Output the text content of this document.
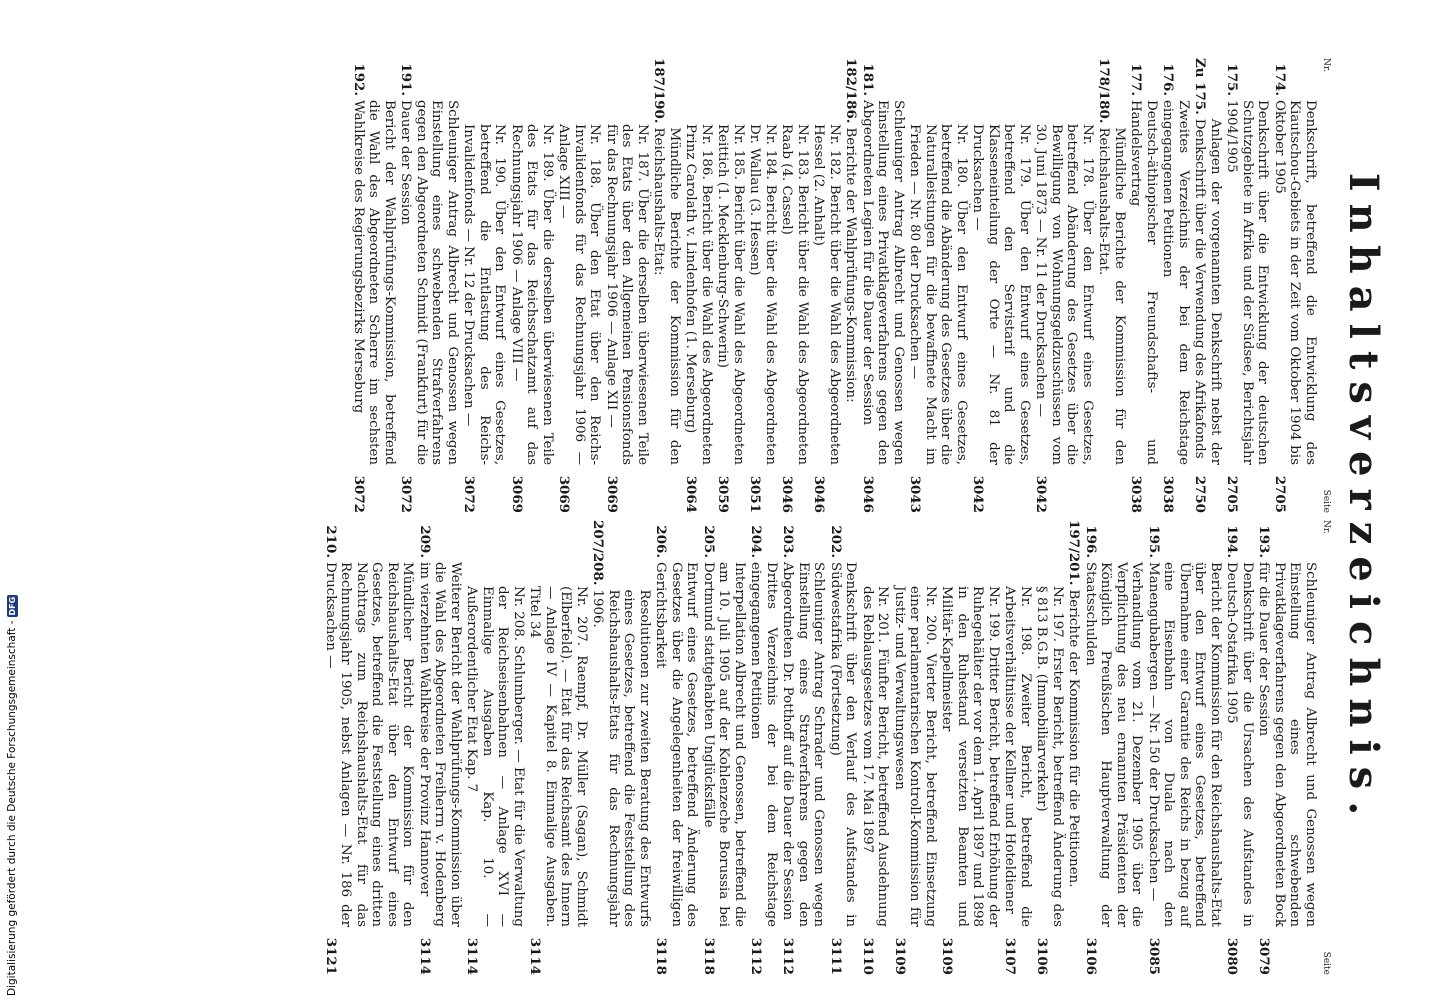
Inhaltsverzeichnis.
Nr.
Seite
174.
Denkschrift, betreffend die Entwicklung des Kiautschou-Gebiets in der Zeit vom Oktober 1904 bis Oktober 1905
2705
175.
Denkschrift über die Entwicklung der deutschen Schutzgebiete in Afrika und der Südsee, Berichtsjahr 1904/1905
2705
Zu 175.
Anlagen der vorgenannten Denkschrift nebst der Denkschrift über die Verwendung des Afrikafonds
2750
176.
Zweites Verzeichnis der bei dem Reichstage eingegangenen Petitionen
3038
177.
Deutsch-äthiopischer Freundschafts- und Handelsvertrag
3038
178/180.
Mündliche Berichte der Kommission für den Reichshaushalts-Etat.
Nr. 178. Über den Entwurf eines Gesetzes, betreffend Abänderung des Gesetzes über die Bewilligung von Wohnungsgeldzuschüssen vom 30. Juni 1873 — Nr. 11 der Drucksachen —
3042
Nr. 179. Über den Entwurf eines Gesetzes, betreffend den Servistarif und die Klasseneinteilung der Orte — Nr. 81 der Drucksachen —
3042
Nr. 180. Über den Entwurf eines Gesetzes, betreffend die Abänderung des Gesetzes über die Naturalleistungen für die bewaffnete Macht im Frieden — Nr. 80 der Drucksachen —
3043
181.
Schleuniger Antrag Albrecht und Genossen wegen Einstellung eines Privatklageverfahrens gegen den Abgeordneten Legien für die Dauer der Session
3046
182/186.
Berichte der Wahlprüfungs-Kommission:
Nr. 182. Bericht über die Wahl des Abgeordneten Hessel (2. Anhalt)
3046
Nr. 183. Bericht über die Wahl des Abgeordneten Raab (4. Cassel)
3046
Nr. 184. Bericht über die Wahl des Abgeordneten Dr. Wallau (3. Hessen)
3051
Nr. 185. Bericht über die Wahl des Abgeordneten Reittich (1. Mecklenburg-Schwerin)
3059
Nr. 186. Bericht über die Wahl des Abgeordneten Prinz Carolath v. Lindenhofen (1. Merseburg)
3064
187/190.
Mündliche Berichte der Kommission für den Reichshaushalts-Etat:
Nr. 187. Über die derselben überwiesenen Teile des Etats über den Allgemeinen Pensionsfonds für das Rechnungsjahr 1906 — Anlage XII —
3069
Nr. 188. Über den Etat über den Reichs-Invalidenfonds für das Rechnungsjahr 1906 — Anlage XIII —
3069
Nr. 189. Über die derselben überwiesenen Teile des Etats für das Reichsschatzamt auf das Rechnungsjahr 1906 — Anlage VIII —
3069
Nr. 190. Über den Entwurf eines Gesetzes, betreffend die Entlastung des Reichs-Invalidenfonds — Nr. 12 der Drucksachen —
3072
191.
Schleuniger Antrag Albrecht und Genossen wegen Einstellung eines schwebenden Strafverfahrens gegen den Abgeordneten Schmidt (Frankfurt) für die Dauer der Session
3072
192.
Bericht der Wahlprüfungs-Kommission, betreffend die Wahl des Abgeordneten Scherre im sechsten Wahlkreise des Regierungsbezirks Merseburg
3072
Nr.
Seite
193.
Schleuniger Antrag Albrecht und Genossen wegen Einstellung eines schwebenden Privatklageverfahrens gegen den Abgeordneten Bock für die Dauer der Session
3079
194.
Denkschrift über die Ursachen des Aufstandes in Deutsch-Ostafrika 1905
3080
195.
Bericht der Kommission für den Reichshaushalts-Etat über den Entwurf eines Gesetzes, betreffend Übernahme einer Garantie des Reichs in bezug auf eine Eisenbahn von Duala nach den Manengubabergen — Nr. 150 der Drucksachen —
3085
196.
Verhandlung vom 21. Dezember 1905 über die Verpflichtung des neu ernannten Präsidenten der Königlich Preußischen Hauptverwaltung der Staatsschulden
3106
197/201.
Berichte der Kommission für die Petitionen.
Nr. 197. Erster Bericht, betreffend Änderung des § 813 B.G.B. (Immobiliarverkehr)
3106
Nr. 198. Zweiter Bericht, betreffend die Arbeitsverhältnisse der Kellner und Hoteldiener
3107
Nr. 199. Dritter Bericht, betreffend Erhöhung der Ruhegehälter der vor dem 1. April 1897 und 1898 in den Ruhestand versetzten Beamten und Militär-Kapellmeister
3109
Nr. 200. Vierter Bericht, betreffend Einsetzung einer parlamentarischen Kontroll-Kommission für Justiz- und Verwaltungswesen
3109
Nr. 201. Fünfter Bericht, betreffend Ausdehnung des Reblausgesetzes vom 17. Mai 1897
3110
202.
Denkschrift über den Verlauf des Aufstandes in Südwestafrika (Fortsetzung)
3111
203.
Schleuniger Antrag Schrader und Genossen wegen Einstellung eines Strafverfahrens gegen den Abgeordneten Dr. Potthoff auf die Dauer der Session
3112
204.
Drittes Verzeichnis der bei dem Reichstage eingegangenen Petitionen
3112
205.
Interpellation Albrecht und Genossen, betreffend die am 10. Juli 1905 auf der Kohlenzeche Borussia bei Dortmund stattgehabten Unglücksfälle
3118
206.
Entwurf eines Gesetzes, betreffend Änderung des Gesetzes über die Angelegenheiten der freiwilligen Gerichtsbarkeit
3118
207/208.
Resolutionen zur zweiten Beratung des Entwurfs eines Gesetzes, betreffend die Feststellung des Reichshaushalts-Etats für das Rechnungsjahr 1906.
Nr. 207. Raempf, Dr. Müller (Sagan), Schmidt (Elberfeld). — Etat für das Reichsamt des Innern — Anlage IV — Kapitel 8. Einmalige Ausgaben. Titel 34
3114
Nr. 208. Schlumberger. — Etat für die Verwaltung der Reichseisenbahnen — Anlage XVI — Einmalige Ausgaben Kap. 10. — Außerordentlicher Etat Kap. 7
3114
209.
Weiterer Bericht der Wahlprüfungs-Kommission über die Wahl des Abgeordneten Freiherrn v. Hodenberg im vierzehnten Wahlkreise der Provinz Hannover
3114
210.
Mündlicher Bericht der Kommission für den Reichshaushalts-Etat über den Entwurf eines Gesetzes, betreffend die Feststellung eines dritten Nachtrags zum Reichshaushalts-Etat für das Rechnungsjahr 1905, nebst Anlagen — Nr. 186 der Drucksachen —
3121
Digitalisierung gefördert durch die Deutsche Forschungsgemeinschaft -
DFG
